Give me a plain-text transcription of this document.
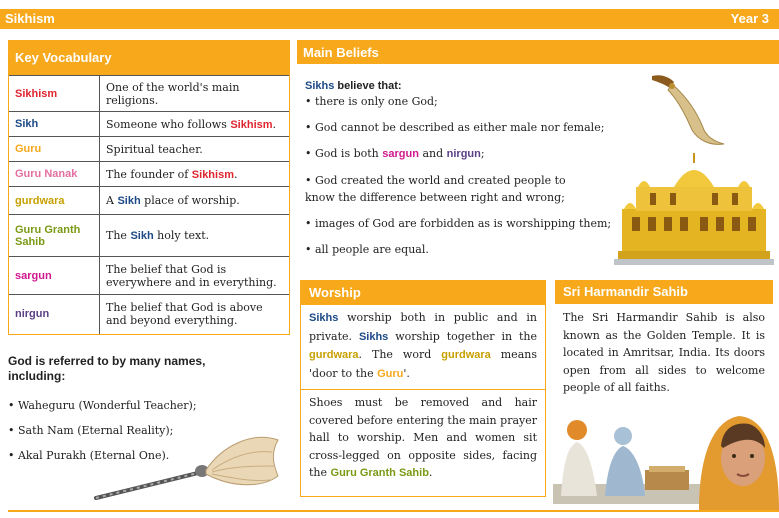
Sikhism	Year 3
Key Vocabulary
Sikhism	One of the world's main religions.
Sikh	Someone who follows Sikhism.
Guru	Spiritual teacher.
Guru Nanak	The founder of Sikhism.
gurdwara	A Sikh place of worship.
Guru Granth Sahib	The Sikh holy text.
sargun	The belief that God is everywhere and in everything.
nirgun	The belief that God is above and beyond everything.
God is referred to by many names, including:
• Waheguru (Wonderful Teacher);
• Sath Nam (Eternal Reality);
• Akal Purakh (Eternal One).
Main Beliefs
Sikhs believe that:
• there is only one God;
• God cannot be described as either male nor female;
• God is both sargun and nirgun;
• God created the world and created people to know the difference between right and wrong;
• images of God are forbidden as is worshipping them;
• all people are equal.
Worship
Sikhs worship both in public and in private. Sikhs worship together in the gurdwara. The word gurdwara means 'door to the Guru'.
Shoes must be removed and hair covered before entering the main prayer hall to worship. Men and women sit cross-legged on opposite sides, facing the Guru Granth Sahib.
Sri Harmandir Sahib
The Sri Harmandir Sahib is also known as the Golden Temple. It is located in Amritsar, India. Its doors open from all sides to welcome people of all faiths.
